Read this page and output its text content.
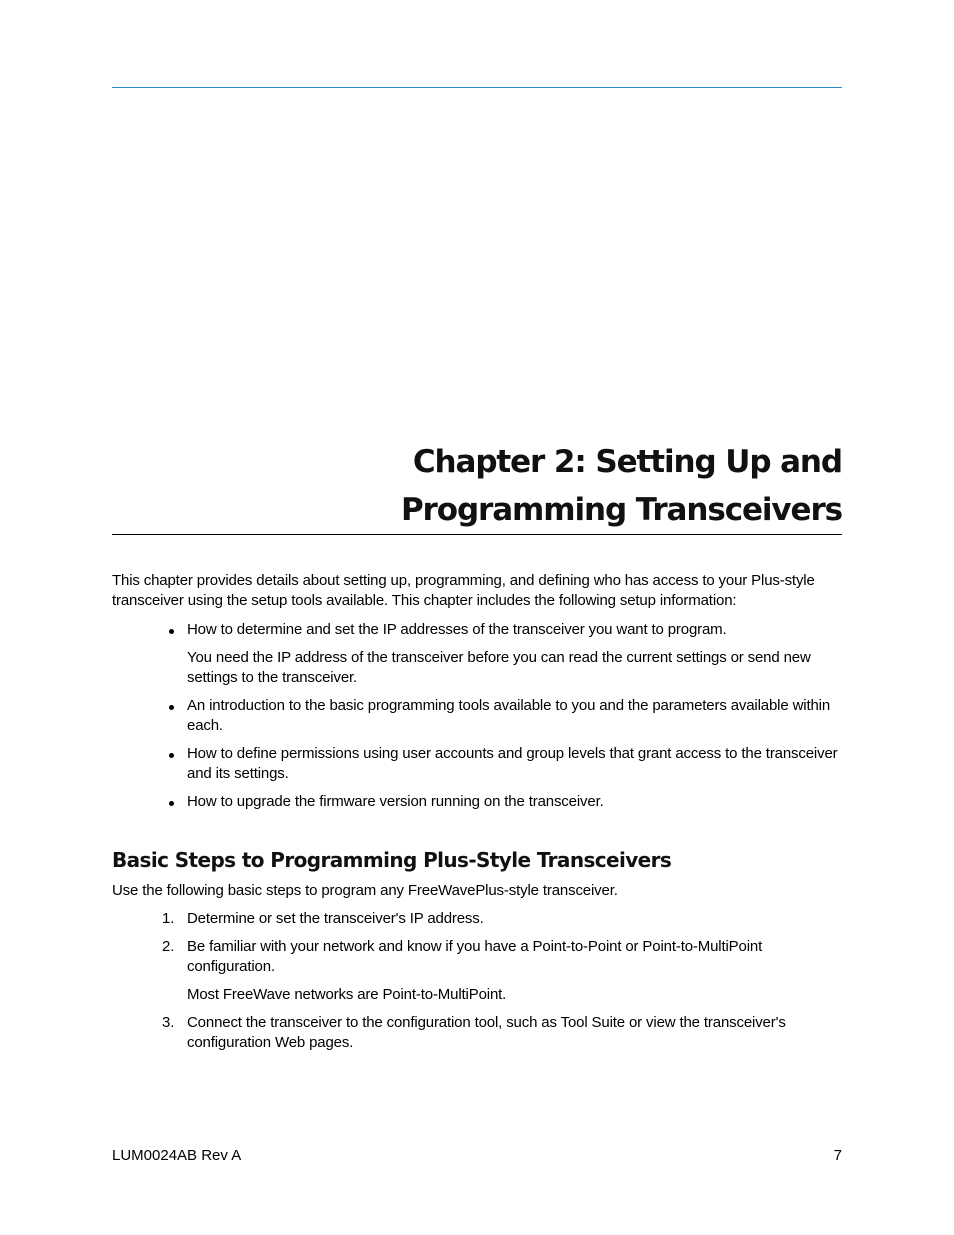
Chapter 2: Setting Up and
Programming Transceivers

This chapter provides details about setting up, programming, and defining who has access to your Plus-style transceiver using the setup tools available. This chapter includes the following setup information:

How to determine and set the IP addresses of the transceiver you want to program.
You need the IP address of the transceiver before you can read the current settings or send new settings to the transceiver.
An introduction to the basic programming tools available to you and the parameters available within each.
How to define permissions using user accounts and group levels that grant access to the transceiver and its settings.
How to upgrade the firmware version running on the transceiver.
Basic Steps to Programming Plus-Style Transceivers

Use the following basic steps to program any FreeWavePlus-style transceiver.

1. Determine or set the transceiver's IP address.
2. Be familiar with your network and know if you have a Point-to-Point or Point-to-MultiPoint configuration.
Most FreeWave networks are Point-to-MultiPoint.
3. Connect the transceiver to the configuration tool, such as Tool Suite or view the transceiver's configuration Web pages.
LUM0024AB Rev A	7
